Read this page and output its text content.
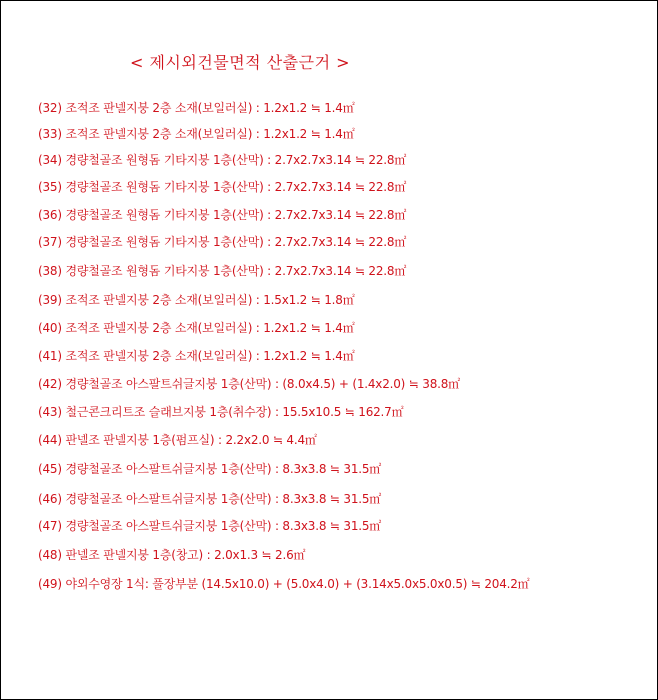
< 제시외건물면적 산출근거 >
(32) 조적조 판넬지붕 2층 소재(보일러실) : 1.2x1.2 ≒ 1.4㎡
(33) 조적조 판넬지붕 2층 소재(보일러실) : 1.2x1.2 ≒ 1.4㎡
(34) 경량철골조 원형돔 기타지붕 1층(산막) : 2.7x2.7x3.14 ≒ 22.8㎡
(35) 경량철골조 원형돔 기타지붕 1층(산막) : 2.7x2.7x3.14 ≒ 22.8㎡
(36) 경량철골조 원형돔 기타지붕 1층(산막) : 2.7x2.7x3.14 ≒ 22.8㎡
(37) 경량철골조 원형돔 기타지붕 1층(산막) : 2.7x2.7x3.14 ≒ 22.8㎡
(38) 경량철골조 원형돔 기타지붕 1층(산막) : 2.7x2.7x3.14 ≒ 22.8㎡
(39) 조적조 판넬지붕 2층 소재(보일러실) : 1.5x1.2 ≒ 1.8㎡
(40) 조적조 판넬지붕 2층 소재(보일러실) : 1.2x1.2 ≒ 1.4㎡
(41) 조적조 판넬지붕 2층 소재(보일러실) : 1.2x1.2 ≒ 1.4㎡
(42) 경량철골조 아스팔트쉬글지붕 1층(산막) : (8.0x4.5) + (1.4x2.0) ≒ 38.8㎡
(43) 철근콘크리트조 슬래브지붕 1층(취수장) : 15.5x10.5 ≒ 162.7㎡
(44) 판넬조 판넬지붕 1층(펌프실) : 2.2x2.0 ≒ 4.4㎡
(45) 경량철골조 아스팔트쉬글지붕 1층(산막) : 8.3x3.8 ≒ 31.5㎡
(46) 경량철골조 아스팔트쉬글지붕 1층(산막) : 8.3x3.8 ≒ 31.5㎡
(47) 경량철골조 아스팔트쉬글지붕 1층(산막) : 8.3x3.8 ≒ 31.5㎡
(48) 판넬조 판넬지붕 1층(창고) : 2.0x1.3 ≒ 2.6㎡
(49) 야외수영장 1식: 풀장부분 (14.5x10.0) + (5.0x4.0) + (3.14x5.0x5.0x0.5) ≒ 204.2㎡
